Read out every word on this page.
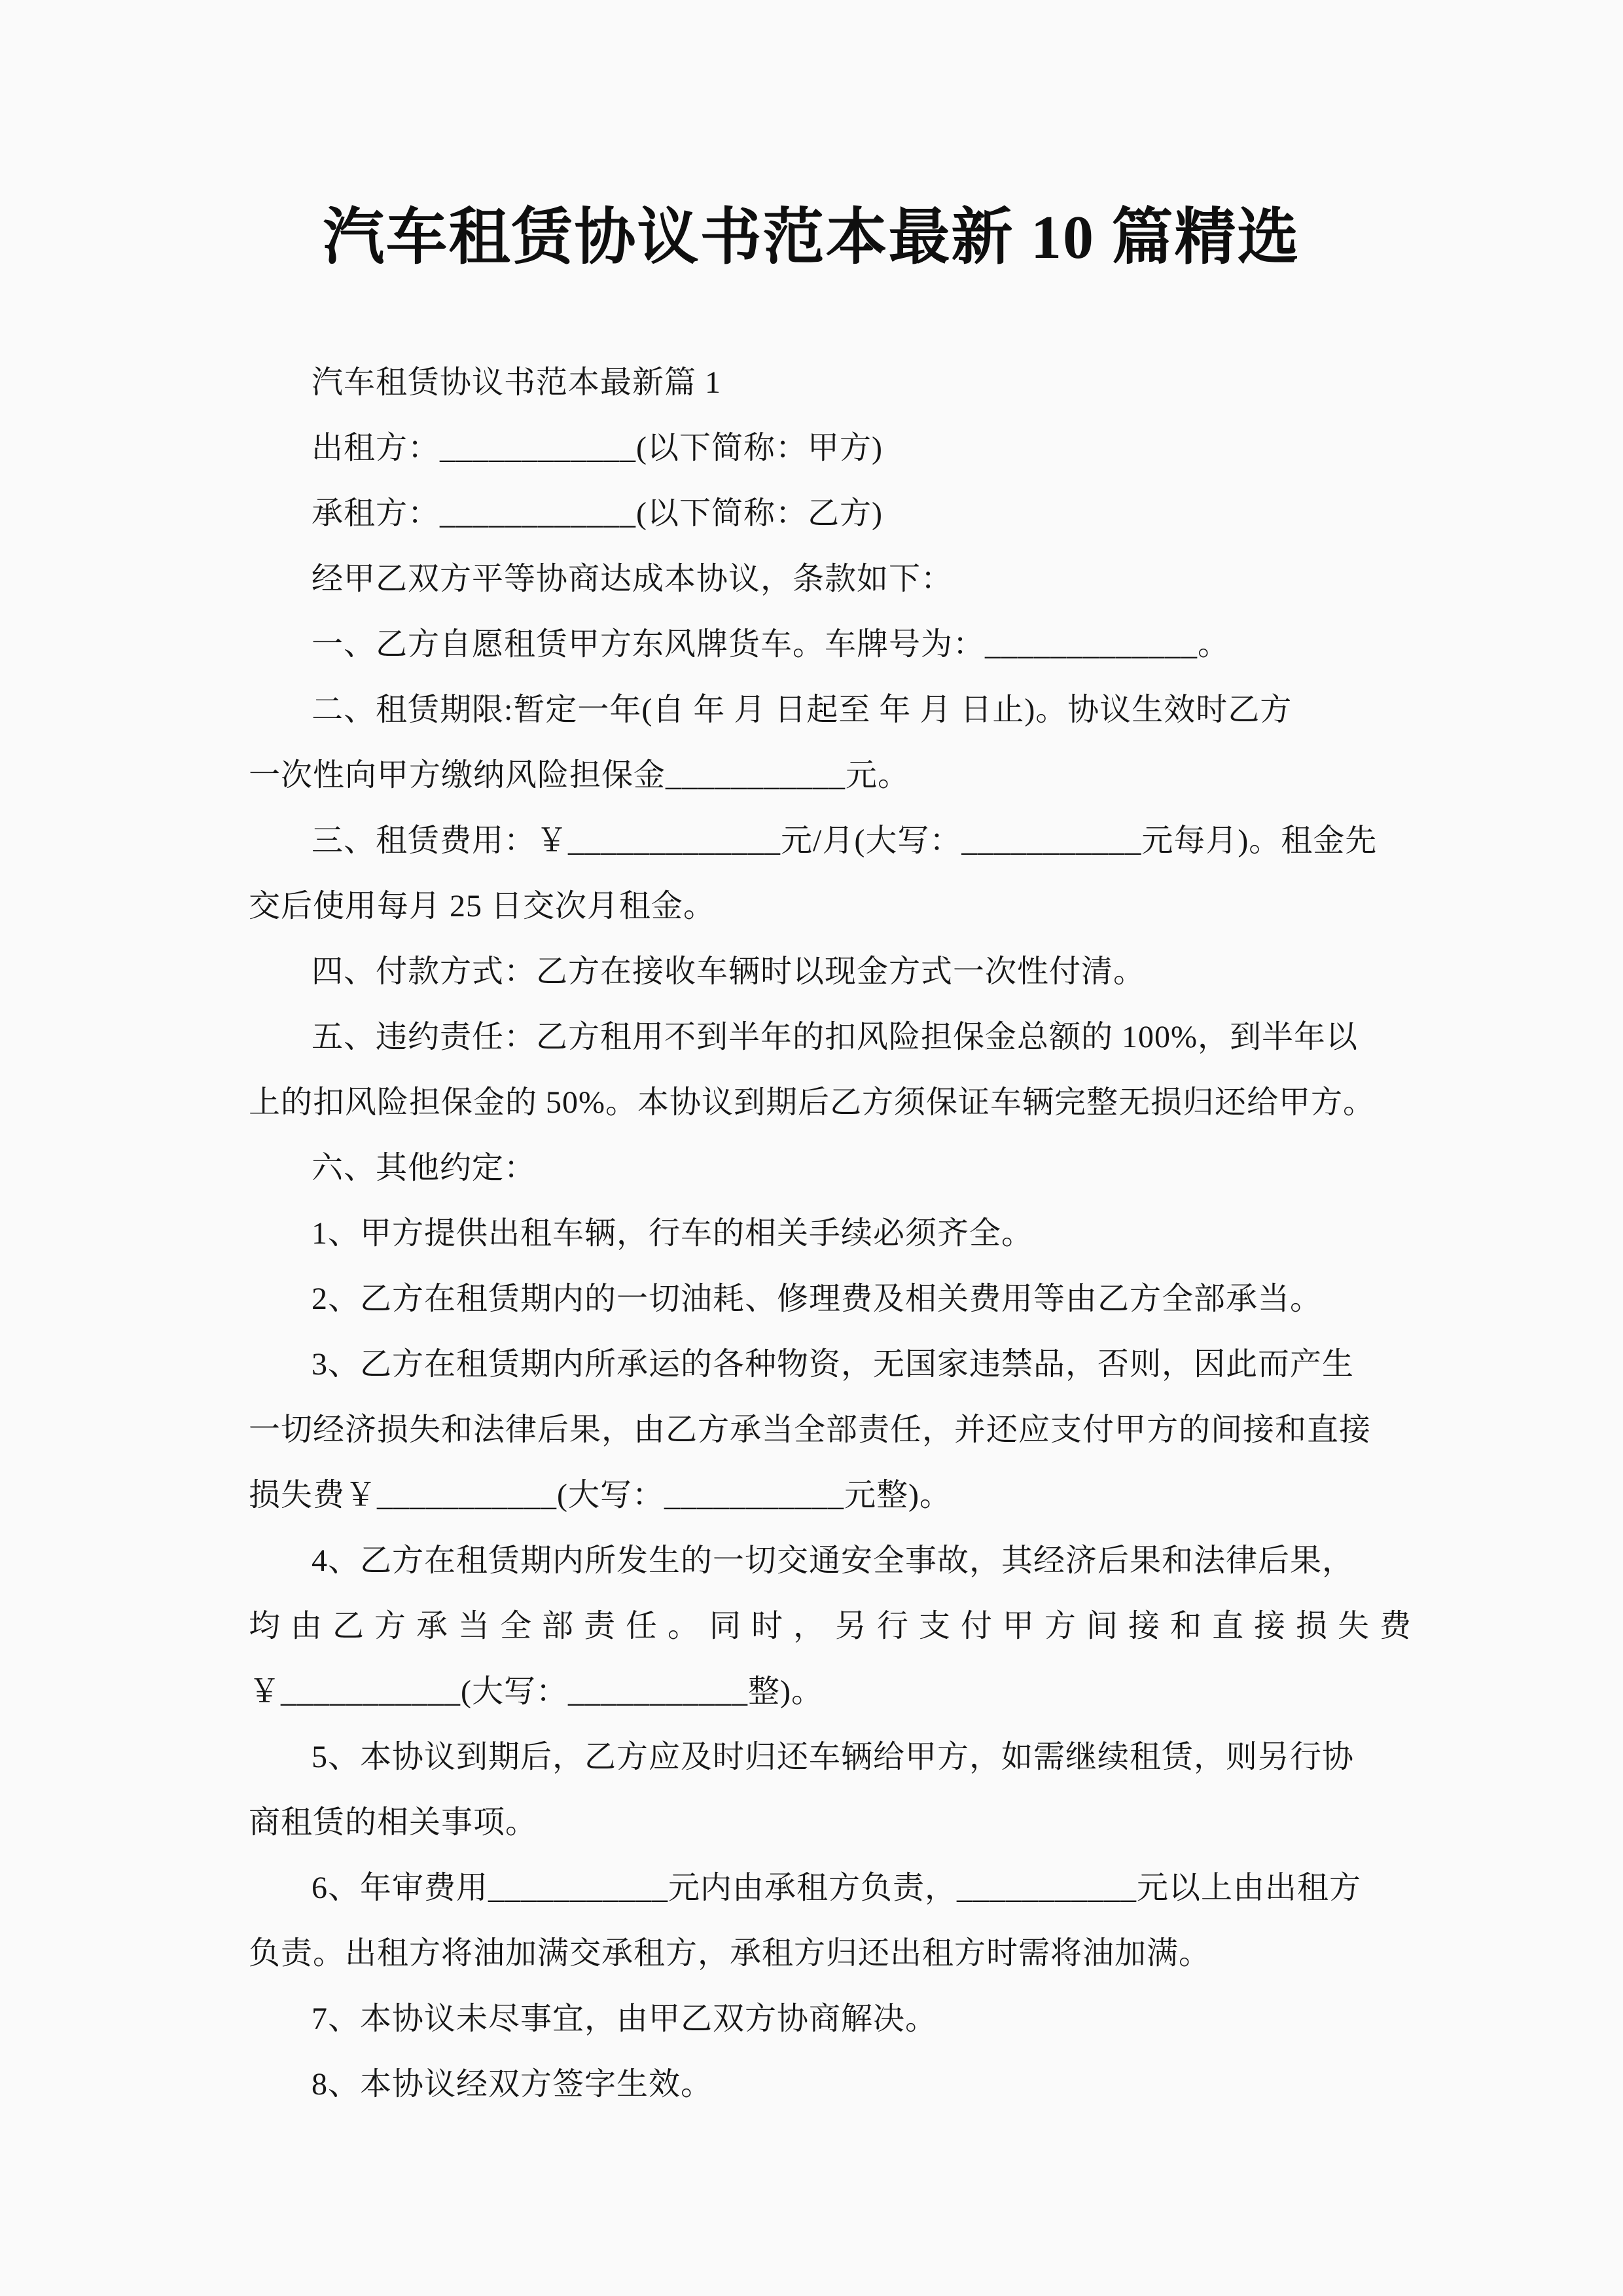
汽车租赁协议书范本最新 10 篇精选
汽车租赁协议书范本最新篇 1
出租方：____________(以下简称：甲方)
承租方：____________(以下简称：乙方)
经甲乙双方平等协商达成本协议，条款如下：
一、乙方自愿租赁甲方东风牌货车。车牌号为：_____________。
二、租赁期限:暂定一年(自 年 月 日起至 年 月 日止)。协议生效时乙方
一次性向甲方缴纳风险担保金___________元。
三、租赁费用：￥_____________元/月(大写：___________元每月)。租金先
交后使用每月 25 日交次月租金。
四、付款方式：乙方在接收车辆时以现金方式一次性付清。
五、违约责任：乙方租用不到半年的扣风险担保金总额的 100%，到半年以
上的扣风险担保金的 50%。本协议到期后乙方须保证车辆完整无损归还给甲方。
六、其他约定：
1、甲方提供出租车辆，行车的相关手续必须齐全。
2、乙方在租赁期内的一切油耗、修理费及相关费用等由乙方全部承当。
3、乙方在租赁期内所承运的各种物资，无国家违禁品，否则，因此而产生
一切经济损失和法律后果，由乙方承当全部责任，并还应支付甲方的间接和直接
损失费￥___________(大写：___________元整)。
4、乙方在租赁期内所发生的一切交通安全事故，其经济后果和法律后果，
均由乙方承当全部责任。同时，另行支付甲方间接和直接损失费
￥___________(大写：___________整)。
5、本协议到期后，乙方应及时归还车辆给甲方，如需继续租赁，则另行协
商租赁的相关事项。
6、年审费用___________元内由承租方负责，___________元以上由出租方
负责。出租方将油加满交承租方，承租方归还出租方时需将油加满。
7、本协议未尽事宜，由甲乙双方协商解决。
8、本协议经双方签字生效。
